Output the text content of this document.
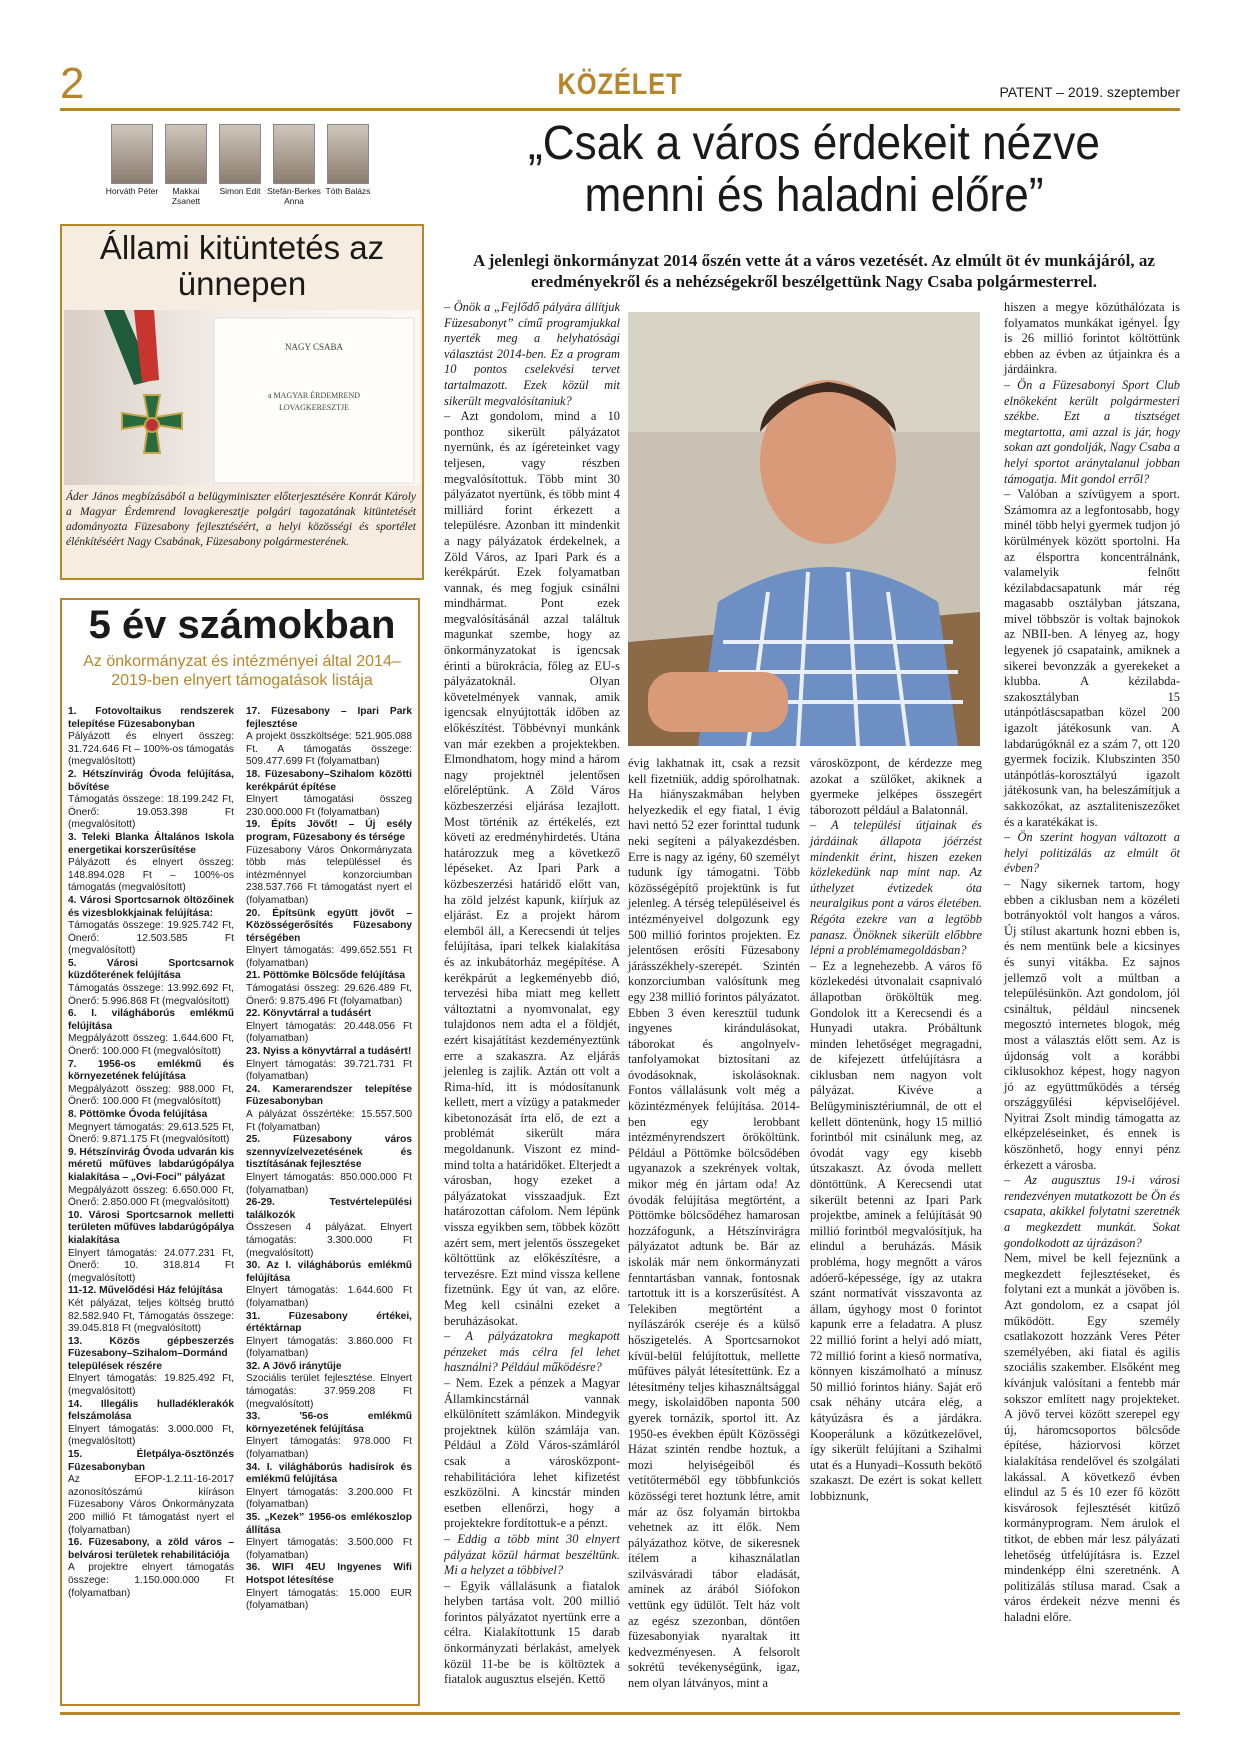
2	KÖZÉLET	PATENT – 2019. szeptember
Horváth Péter	Makkai Zsanett
Simon Edit Stefán-Berkes Anna
Tóth Balázs
Állami kitüntetés az ünnepen
NAGY CSABA
a MAGYAR ÉRDEMREND
LOVAGKERESZTJE
Áder János megbízásából a belügyminiszter előterjesztésére Konrát Károly a Magyar Érdemrend lovagkeresztje polgári tagozatának kitüntetését adományozta Füzesabony fejlesztéséért, a helyi közösségi és sportélet élénkítéséért Nagy Csabának, Füzesabony polgármesterének.
5 év számokban
Az önkormányzat és intézményei által 2014–2019-ben elnyert támogatások listája

1. Fotovoltaikus rendszerek telepítése Füzesabonyban
Pályázott és elnyert összeg: 31.724.646 Ft – 100%-os támogatás (megvalósított)

2. Hétszínvirág Óvoda felújítása, bővítése
Támogatás összege: 18.199.242 Ft, Önerő: 19.053.398 Ft (megvalósított)

3. Teleki Blanka Általános Iskola energetikai korszerűsítése
Pályázott és elnyert összeg: 148.894.028 Ft – 100%-os támogatás (megvalósított)

4. Városi Sportcsarnok öltözőinek és vizesblokkjainak felújítása:
Támogatás összege: 19.925.742 Ft, Önerő: 12.503.585 Ft (megvalósított)

5. Városi Sportcsarnok küzdőterének felújítása
Támogatás összege: 13.992.692 Ft, Önerő: 5.996.868 Ft (megvalósított)

6. I. világháborús emlékmű felújítása
Megpályázott összeg: 1.644.600 Ft, Önerő: 100.000 Ft (megvalósított)

7. 1956-os emlékmű és környezetének felújítása
Megpályázott összeg: 988.000 Ft, Önerő: 100.000 Ft (megvalósított)

8. Pöttömke Óvoda felújítása
Megnyert támogatás: 29.613.525 Ft, Önerő: 9.871.175 Ft (megvalósított)

9. Hétszínvirág Óvoda udvarán kis méretű műfüves labdarúgópálya kialakítása – „Ovi-Foci” pályázat
Megpályázott összeg: 6.650.000 Ft, Önerő: 2.850.000 Ft (megvalósított)

10. Városi Sportcsarnok melletti területen műfüves labdarúgópálya kialakítása
Elnyert támogatás: 24.077.231 Ft, Önerő: 10. 318.814 Ft (megvalósított)

11-12. Művelődési Ház felújítása
Két pályázat, teljes költség bruttó 82.582.940 Ft, Támogatás összege: 39.045.818 Ft (megvalósított)

13. Közös gépbeszerzés Füzesabony–Szihalom–Dormánd települések részére
Elnyert támogatás: 19.825.492 Ft, (megvalósított)

14. Illegális hulladéklerakók felszámolása
Elnyert támogatás: 3.000.000 Ft, (megvalósított)

15. Életpálya-ösztönzés Füzesabonyban
Az EFOP-1.2.11-16-2017 azonosítószámú kiíráson Füzesabony Város Önkormányzata 200 millió Ft támogatást nyert el (folyamatban)

16. Füzesabony, a zöld város – belvárosi területek rehabilitációja
A projektre elnyert támogatás összege: 1.150.000.000 Ft (folyamatban)

17. Füzesabony – Ipari Park fejlesztése
A projekt összköltsége: 521.905.088 Ft. A támogatás összege: 509.477.699 Ft (folyamatban)

18. Füzesabony–Szihalom közötti kerékpárút építése
Elnyert támogatási összeg 230.000.000 Ft (folyamatban)

19. Építs Jövőt! – Új esély program, Füzesabony és térsége
Füzesabony Város Önkormányzata több más településsel és intézménnyel konzorciumban 238.537.766 Ft támogatást nyert el (folyamatban)

20. Építsünk együtt jövőt – Közösségerősítés Füzesabony térségében
Elnyert támogatás: 499.652.551 Ft (folyamatban)

21. Pöttömke Bölcsőde felújítása
Támogatási összeg: 29.626.489 Ft, Önerő: 9.875.496 Ft (folyamatban)

22. Könyvtárral a tudásért
Elnyert támogatás: 20.448.056 Ft (folyamatban)

23. Nyiss a könyvtárral a tudásért!
Elnyert támogatás: 39.721.731 Ft (folyamatban)

24. Kamerarendszer telepítése Füzesabonyban
A pályázat összértéke: 15.557.500 Ft (folyamatban)

25. Füzesabony város szennyvízelvezetésének és tisztításának fejlesztése
Elnyert támogatás: 850.000.000 Ft (folyamatban)

26-29. Testvértelepülési találkozók
Összesen 4 pályázat. Elnyert támogatás: 3.300.000 Ft (megvalósított)

30. Az I. világháborús emlékmű felújítása
Elnyert támogatás: 1.644.600 Ft (folyamatban)

31. Füzesabony értékei, értéktárnap
Elnyert támogatás: 3.860.000 Ft (folyamatban)

32. A Jövő iránytűje
Szociális terület fejlesztése. Elnyert támogatás: 37.959.208 Ft (megvalósított)

33. '56-os emlékmű környezetének felújítása
Elnyert támogatás: 978.000 Ft (folyamatban)

34. I. világháborús hadisírok és emlékmű felújítása
Elnyert támogatás: 3.200.000 Ft (folyamatban)

35. „Kezek” 1956-os emlékoszlop állítása
Elnyert támogatás: 3.500.000 Ft (folyamatban)

36. WIFI 4EU Ingyenes Wifi Hotspot létesítése
Elnyert támogatás: 15.000 EUR (folyamatban)

„Csak a város érdekeit nézve menni és haladni előre”
A jelenlegi önkormányzat 2014 őszén vette át a város vezetését. Az elmúlt öt év munkájáról, az eredményekről és a nehézségekről beszélgettünk Nagy Csaba polgármesterrel.

– Önök a „Fejlődő pályára állítjuk Füzesabonyt” című programjukkal nyerték meg a helyhatósági választást 2014-ben. Ez a program 10 pontos cselekvési tervet tartalmazott. Ezek közül mit sikerült megvalósítaniuk?

– Azt gondolom, mind a 10 ponthoz sikerült pályázatot nyernünk, és az ígéreteinket vagy teljesen, vagy részben megvalósítottuk. Több mint 30 pályázatot nyertünk, és több mint 4 milliárd forint érkezett a településre. Azonban itt mindenkit a nagy pályázatok érdekelnek, a Zöld Város, az Ipari Park és a kerékpárút. Ezek folyamatban vannak, és meg fogjuk csinálni mindhármat. Pont ezek megvalósításánál azzal találtuk magunkat szembe, hogy az önkormányzatokat is igencsak érinti a bürokrácia, főleg az EU-s pályázatoknál. Olyan követelmények vannak, amik igencsak elnyújtották időben az előkészítést. Többévnyi munkánk van már ezekben a projektekben. Elmondhatom, hogy mind a három nagy projektnél jelentősen előreléptünk. A Zöld Város közbeszerzési eljárása lezajlott. Most történik az értékelés, ezt követi az eredményhirdetés. Utána határozzuk meg a következő lépéseket. Az Ipari Park a közbeszerzési határidő előtt van, ha zöld jelzést kapunk, kiírjuk az eljárást. Ez a projekt három elemből áll, a Kerecsendi út teljes felújítása, ipari telkek kialakítása és az inkubátorház megépítése. A kerékpárút a legkeményebb dió, tervezési hiba miatt meg kellett változtatni a nyomvonalat, egy tulajdonos nem adta el a földjét, ezért kisajátítást kezdeményeztünk erre a szakaszra. Az eljárás jelenleg is zajlik. Aztán ott volt a Rima-híd, itt is módosítanunk kellett, mert a vízügy a patakmeder kibetonozását írta elő, de ezt a problémát sikerült mára megoldanunk. Viszont ez mind-mind tolta a határidőket. Elterjedt a városban, hogy ezeket a pályázatokat visszaadjuk. Ezt határozottan cáfolom. Nem lépünk vissza egyikben sem, többek között azért sem, mert jelentős összegeket költöttünk az előkészítésre, a tervezésre. Ezt mind vissza kellene fizetnünk. Egy út van, az előre. Meg kell csinálni ezeket a beruházásokat.

– A pályázatokra megkapott pénzeket más célra fel lehet használni? Például működésre?

– Nem. Ezek a pénzek a Magyar Államkincstárnál vannak elkülönített számlákon. Mindegyik projektnek külön számlája van. Például a Zöld Város-számláról csak a városközpont-rehabilitációra lehet kifizetést eszközölni. A kincstár minden esetben ellenőrzi, hogy a projektekre fordítottuk-e a pénzt.

– Eddig a több mint 30 elnyert pályázat közül hármat beszéltünk. Mi a helyzet a többivel?

– Egyik vállalásunk a fiatalok helyben tartása volt. 200 millió forintos pályázatot nyertünk erre a célra. Kialakítottunk 15 darab önkormányzati bérlakást, amelyek közül 11-be be is költöztek a fiatalok augusztus elsején. Kettő

évig lakhatnak itt, csak a rezsit kell fizetniük, addig spórolhatnak. Ha hiányszakmában helyben helyezkedik el egy fiatal, 1 évig havi nettó 52 ezer forinttal tudunk neki segíteni a pályakezdésben. Erre is nagy az igény, 60 személyt tudunk így támogatni. Több közösségépítő projektünk is fut jelenleg. A térség településeivel és intézményeivel dolgozunk egy 500 millió forintos projekten. Ez jelentősen erősíti Füzesabony járásszékhely-szerepét. Szintén konzorciumban valósítunk meg egy 238 millió forintos pályázatot. Ebben 3 éven keresztül tudunk ingyenes kirándulásokat, táborokat és angolnyelv-tanfolyamokat biztosítani az óvodásoknak, iskolásoknak. Fontos vállalásunk volt még a közintézmények felújítása. 2014-ben egy lerobbant intézményrendszert örököltünk. Például a Pöttömke bölcsődében ugyanazok a szekrények voltak, mikor még én jártam oda! Az óvodák felújítása megtörtént, a Pöttömke bölcsődéhez hamarosan hozzáfogunk, a Hétszínvirágra pályázatot adtunk be. Bár az iskolák már nem önkormányzati fenntartásban vannak, fontosnak tartottuk itt is a korszerűsítést. A Telekiben megtörtént a nyílászárók cseréje és a külső hőszigetelés. A Sportcsarnokot kívül-belül felújítottuk, mellette műfüves pályát létesítettünk. Ez a létesítmény teljes kihasználtsággal megy, iskolaidőben naponta 500 gyerek tornázik, sportol itt. Az 1950-es években épült Közösségi Házat szintén rendbe hoztuk, a mozi helyiségeiből és vetítőterméből egy többfunkciós közösségi teret hoztunk létre, amit már az ősz folyamán birtokba vehetnek az itt élők. Nem pályázathoz kötve, de sikeresnek ítélem a kihasználatlan szilvásváradi tábor eladását, aminek az árából Siófokon vettünk egy üdülőt. Telt ház volt az egész szezonban, döntően füzesabonyiak nyaraltak itt kedvezményesen. A felsorolt sokrétű tevékenységünk, igaz, nem olyan látványos, mint a

városközpont, de kérdezze meg azokat a szülőket, akiknek a gyermeke jelképes összegért táborozott például a Balatonnál.

– A települési útjainak és járdáinak állapota jóérzést mindenkit érint, hiszen ezeken közlekedünk nap mint nap. Az úthelyzet évtizedek óta neuralgikus pont a város életében. Régóta ezekre van a legtöbb panasz. Önöknek sikerült előbbre lépni a problémamegoldásban?

– Ez a legnehezebb. A város fő közlekedési útvonalait csapnivaló állapotban örököltük meg. Gondolok itt a Kerecsendi és a Hunyadi utakra. Próbáltunk minden lehetőséget megragadni, de kifejezett útfelújításra a ciklusban nem nagyon volt pályázat. Kivéve a Belügyminisztériumnál, de ott el kellett döntenünk, hogy 15 millió forintból mit csinálunk meg, az óvodát vagy egy kisebb útszakaszt. Az óvoda mellett döntöttünk. A Kerecsendi utat sikerült betenni az Ipari Park projektbe, aminek a felújítását 90 millió forintból megvalósítjuk, ha elindul a beruházás. Másik probléma, hogy megnőtt a város adóerő-képessége, így az utakra szánt normatívát visszavonta az állam, úgyhogy most 0 forintot kapunk erre a feladatra. A plusz 22 millió forint a helyi adó miatt, 72 millió forint a kieső normatíva, könnyen kiszámolható a mínusz 50 millió forintos hiány. Saját erő csak néhány utcára elég, a kátyúzásra és a járdákra. Kooperálunk a közútkezelővel, így sikerült felújítani a Szihalmi utat és a Hunyadi–Kossuth bekötő szakaszt. De ezért is sokat kellett lobbiznunk,

hiszen a megye közúthálózata is folyamatos munkákat igényel. Így is 26 millió forintot költöttünk ebben az évben az útjainkra és a járdáinkra.

– Ön a Füzesabonyi Sport Club elnökeként került polgármesteri székbe. Ezt a tisztséget megtartotta, ami azzal is jár, hogy sokan azt gondolják, Nagy Csaba a helyi sportot aránytalanul jobban támogatja. Mit gondol erről?

– Valóban a szívügyem a sport. Számomra az a legfontosabb, hogy minél több helyi gyermek tudjon jó körülmények között sportolni. Ha az élsportra koncentrálnánk, valamelyik felnőtt kézilabdacsapatunk már rég magasabb osztályban játszana, mivel többször is voltak bajnokok az NBII-ben. A lényeg az, hogy legyenek jó csapataink, amiknek a sikerei bevonzzák a gyerekeket a klubba. A kézilabda-szakosztályban 15 utánpótláscsapatban közel 200 igazolt játékosunk van. A labdarúgóknál ez a szám 7, ott 120 gyermek focizik. Klubszinten 350 utánpótlás-korosztályú igazolt játékosunk van, ha beleszámítjuk a sakkozókat, az asztaliteniszezőket és a karatékákat is.

– Ön szerint hogyan változott a helyi politizálás az elmúlt öt évben?

– Nagy sikernek tartom, hogy ebben a ciklusban nem a közéleti botrányoktól volt hangos a város. Új stílust akartunk hozni ebben is, és nem mentünk bele a kicsinyes és sunyi vitákba. Ez sajnos jellemző volt a múltban a településünkön. Azt gondolom, jól csináltuk, például nincsenek megosztó internetes blogok, még most a választás előtt sem. Az is újdonság volt a korábbi ciklusokhoz képest, hogy nagyon jó az együttműködés a térség országgyűlési képviselőjével. Nyitrai Zsolt mindig támogatta az elképzeléseinket, és ennek is köszönhető, hogy ennyi pénz érkezett a városba.

– Az augusztus 19-i városi rendezvényen mutatkozott be Ön és csapata, akikkel folytatni szeretnék a megkezdett munkát. Sokat gondolkodott az újrázáson?

Nem, mivel be kell fejeznünk a megkezdett fejlesztéseket, és folytani ezt a munkát a jövőben is. Azt gondolom, ez a csapat jól működött. Egy személy csatlakozott hozzánk Veres Péter személyében, aki fiatal és agilis szociális szakember. Elsőként meg kívánjuk valósítani a fentebb már sokszor említett nagy projekteket. A jövő tervei között szerepel egy új, háromcsoportos bölcsőde építése, háziorvosi körzet kialakítása rendelővel és szolgálati lakással. A következő évben elindul az 5 és 10 ezer fő között kisvárosok fejlesztését kitűző kormányprogram. Nem árulok el titkot, de ebben már lesz pályázati lehetőség útfelújításra is. Ezzel mindenképp élni szeretnénk. A politizálás stílusa marad. Csak a város érdekeit nézve menni és haladni előre.
